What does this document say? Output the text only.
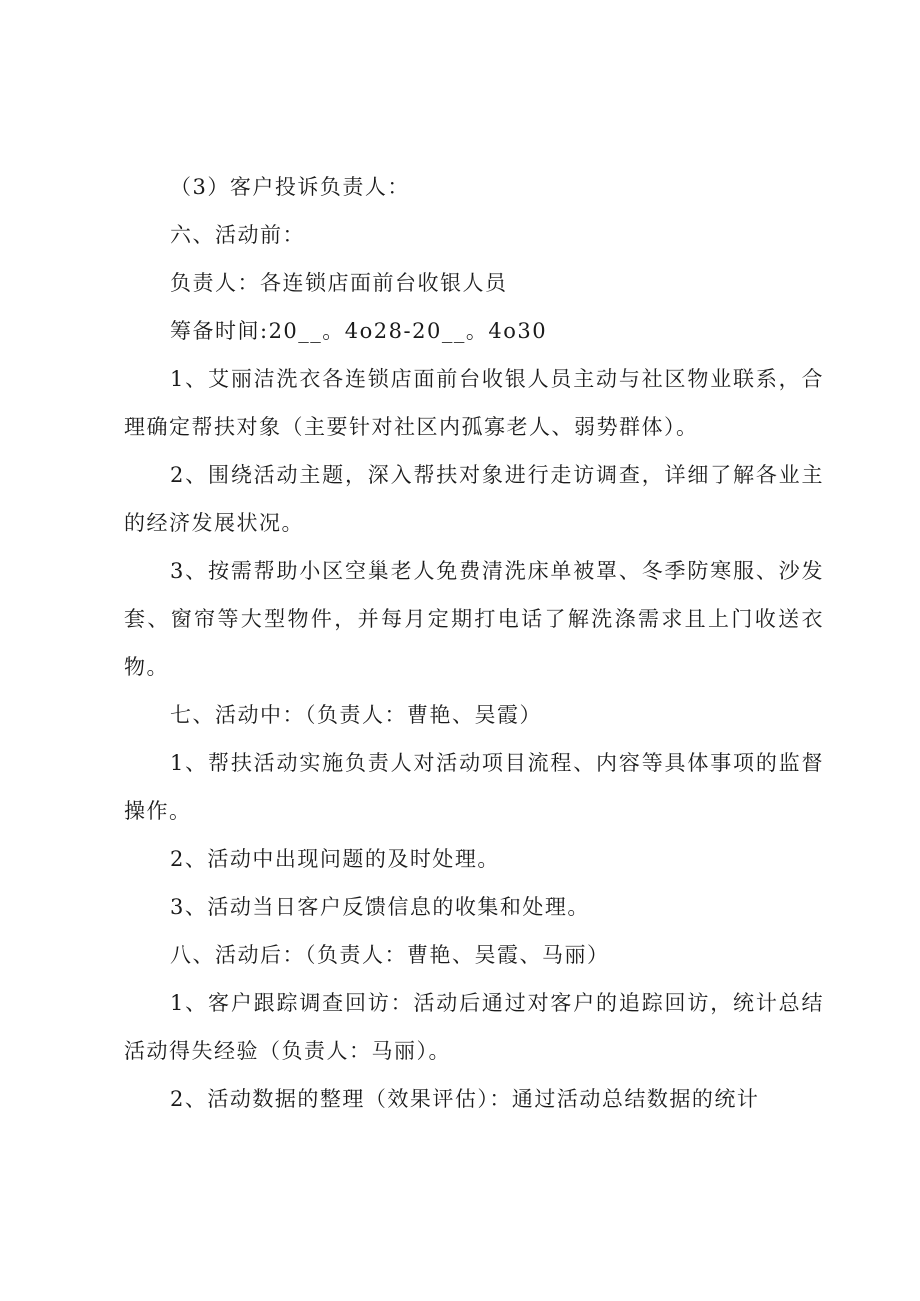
（3）客户投诉负责人：

六、活动前：

负责人：各连锁店面前台收银人员

筹备时间:20__。4o28-20__。4o30

1、艾丽洁洗衣各连锁店面前台收银人员主动与社区物业联系，合理确定帮扶对象（主要针对社区内孤寡老人、弱势群体）。

2、围绕活动主题，深入帮扶对象进行走访调查，详细了解各业主的经济发展状况。

3、按需帮助小区空巢老人免费清洗床单被罩、冬季防寒服、沙发套、窗帘等大型物件，并每月定期打电话了解洗涤需求且上门收送衣物。

七、活动中：（负责人：曹艳、吴霞）

1、帮扶活动实施负责人对活动项目流程、内容等具体事项的监督操作。

2、活动中出现问题的及时处理。

3、活动当日客户反馈信息的收集和处理。

八、活动后：（负责人：曹艳、吴霞、马丽）

1、客户跟踪调查回访：活动后通过对客户的追踪回访，统计总结活动得失经验（负责人：马丽）。

2、活动数据的整理（效果评估）：通过活动总结数据的统计
